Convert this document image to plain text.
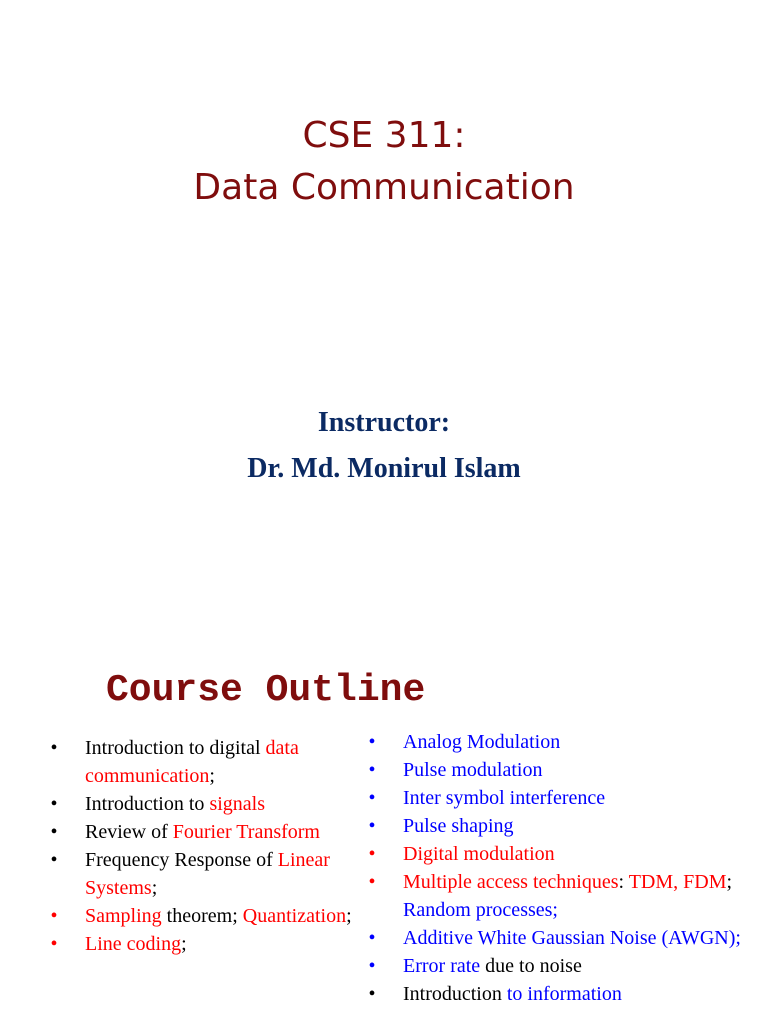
CSE 311:
Data Communication

Instructor:

Dr. Md. Monirul Islam

Course Outline
• Introduction to digital data communication;
• Introduction to signals
• Review of Fourier Transform
• Frequency Response of Linear Systems;
• Sampling theorem; Quantization;
• Line coding;
• Analog Modulation
• Pulse modulation
• Inter symbol interference
• Pulse shaping
• Digital modulation
• Multiple access techniques: TDM, FDM; Random processes;
• Additive White Gaussian Noise (AWGN);
• Error rate due to noise
• Introduction to information
